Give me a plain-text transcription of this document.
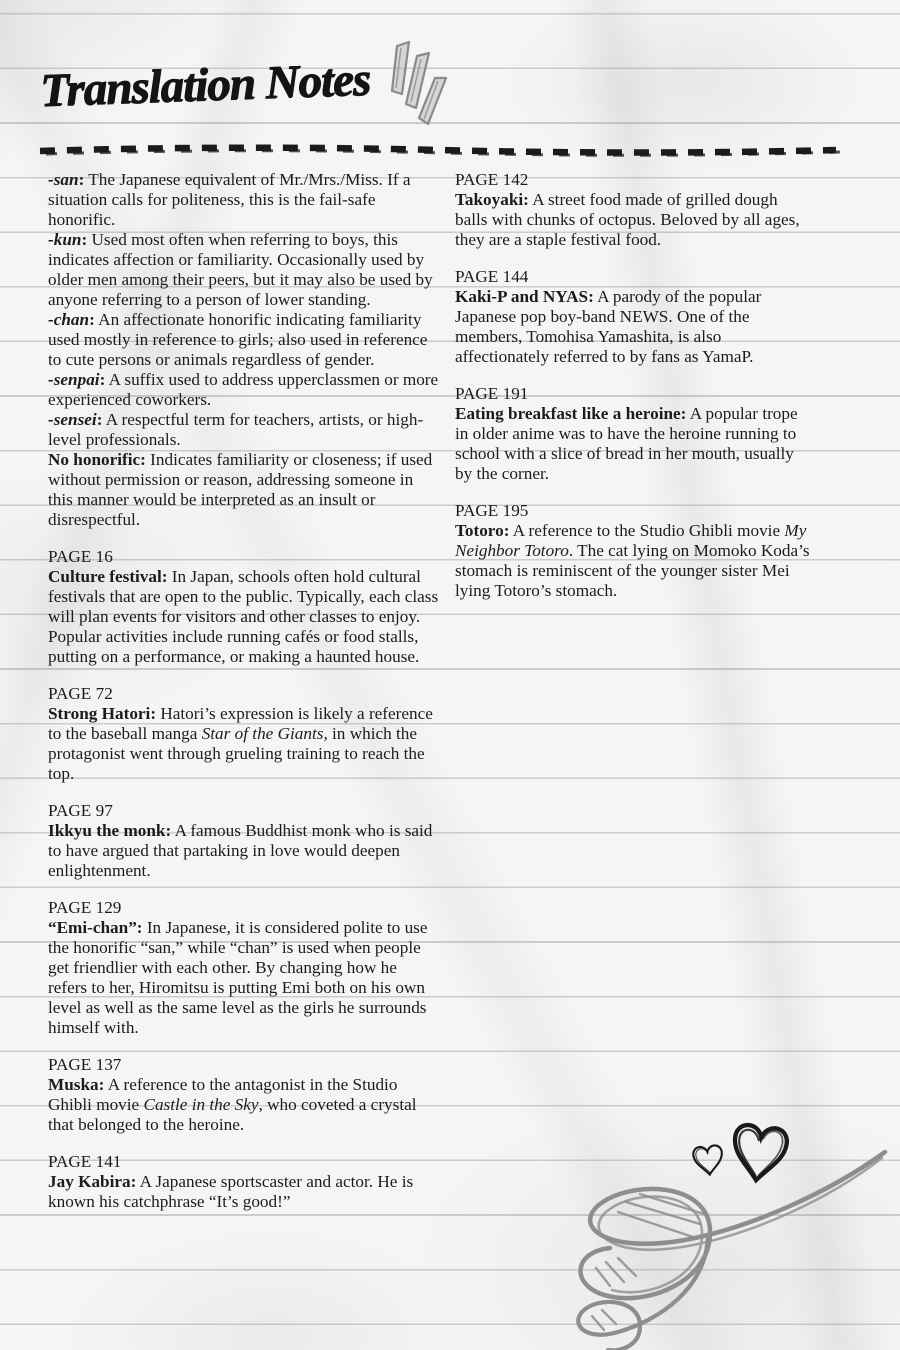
Translation Notes

-san: The Japanese equivalent of Mr./Mrs./Miss. If a situation calls for politeness, this is the fail-safe honorific.

-kun: Used most often when referring to boys, this indicates affection or familiarity. Occasionally used by older men among their peers, but it may also be used by anyone referring to a person of lower standing.

-chan: An affectionate honorific indicating familiarity used mostly in reference to girls; also used in reference to cute persons or animals regardless of gender.

-senpai: A suffix used to address upperclassmen or more experienced coworkers.

-sensei: A respectful term for teachers, artists, or high-level professionals.

No honorific: Indicates familiarity or closeness; if used without permission or reason, addressing someone in this manner would be interpreted as an insult or disrespectful.

PAGE 16

Culture festival: In Japan, schools often hold cultural festivals that are open to the public. Typically, each class will plan events for visitors and other classes to enjoy. Popular activities include running cafés or food stalls, putting on a performance, or making a haunted house.

PAGE 72

Strong Hatori: Hatori’s expression is likely a reference to the baseball manga Star of the Giants, in which the protagonist went through grueling training to reach the top.

PAGE 97

Ikkyu the monk: A famous Buddhist monk who is said to have argued that partaking in love would deepen enlightenment.

PAGE 129

“Emi-chan”: In Japanese, it is considered polite to use the honorific “san,” while “chan” is used when people get friendlier with each other. By changing how he refers to her, Hiromitsu is putting Emi both on his own level as well as the same level as the girls he surrounds himself with.

PAGE 137

Muska: A reference to the antagonist in the Studio Ghibli movie Castle in the Sky, who coveted a crystal that belonged to the heroine.

PAGE 141

Jay Kabira: A Japanese sportscaster and actor. He is known his catchphrase “It’s good!”

PAGE 142

Takoyaki: A street food made of grilled dough balls with chunks of octopus. Beloved by all ages, they are a staple festival food.

PAGE 144

Kaki-P and NYAS: A parody of the popular Japanese pop boy-band NEWS. One of the members, Tomohisa Yamashita, is also affectionately referred to by fans as YamaP.

PAGE 191

Eating breakfast like a heroine: A popular trope in older anime was to have the heroine running to school with a slice of bread in her mouth, usually by the corner.

PAGE 195

Totoro: A reference to the Studio Ghibli movie My Neighbor Totoro. The cat lying on Momoko Koda’s stomach is reminiscent of the younger sister Mei lying Totoro’s stomach.
